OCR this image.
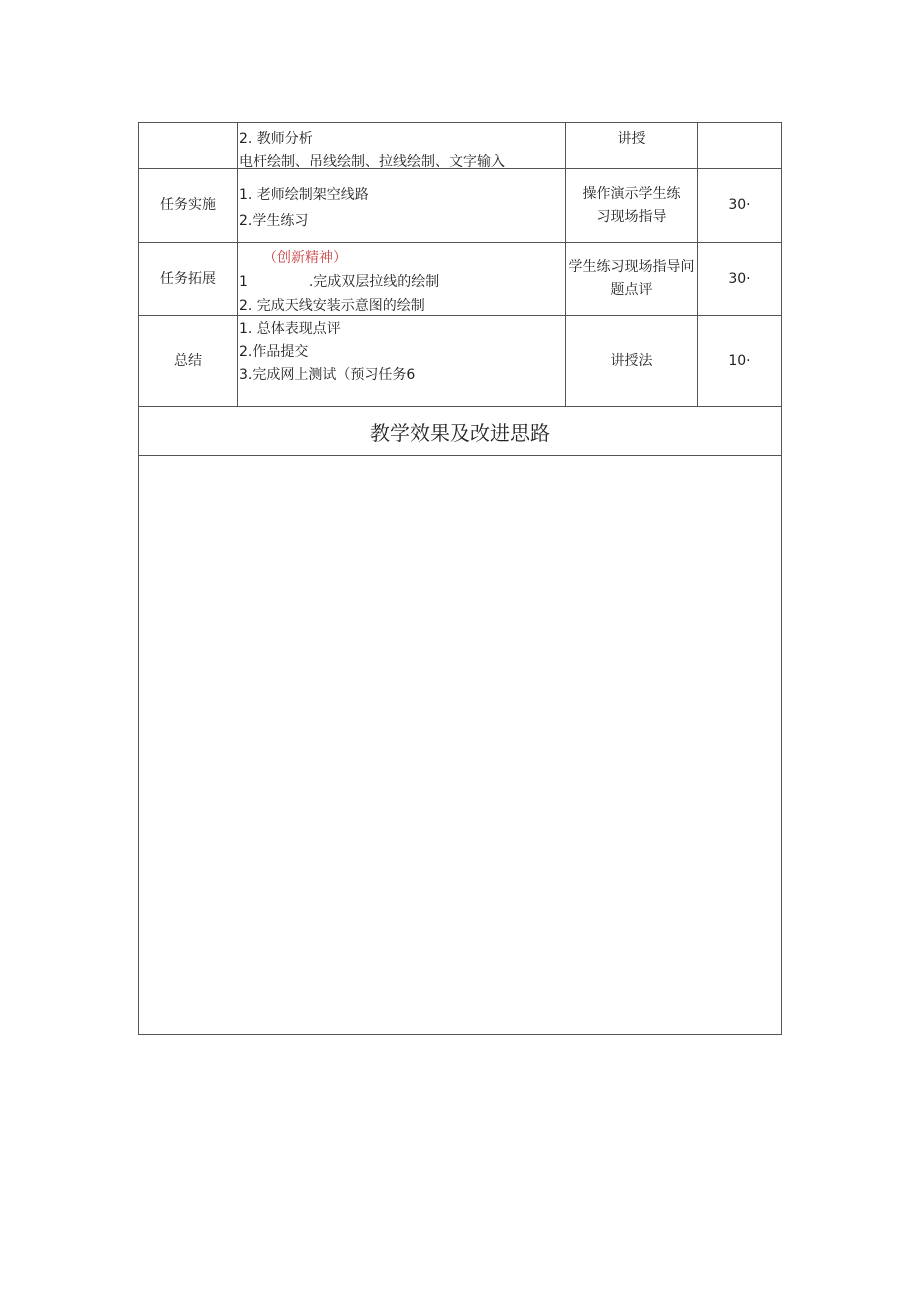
2. 教师分析
电杆绘制、吊线绘制、拉线绘制、文字输入
讲授
任务实施
1. 老师绘制架空线路
2.学生练习
操作演示学生练习现场指导
30·
任务拓展
（创新精神）
1	.完成双层拉线的绘制
2. 完成天线安装示意图的绘制
学生练习现场指导问题点评
30·
总结
1. 总体表现点评
2.作品提交
3.完成网上测试（预习任务6
讲授法	10·
教学效果及改进思路
